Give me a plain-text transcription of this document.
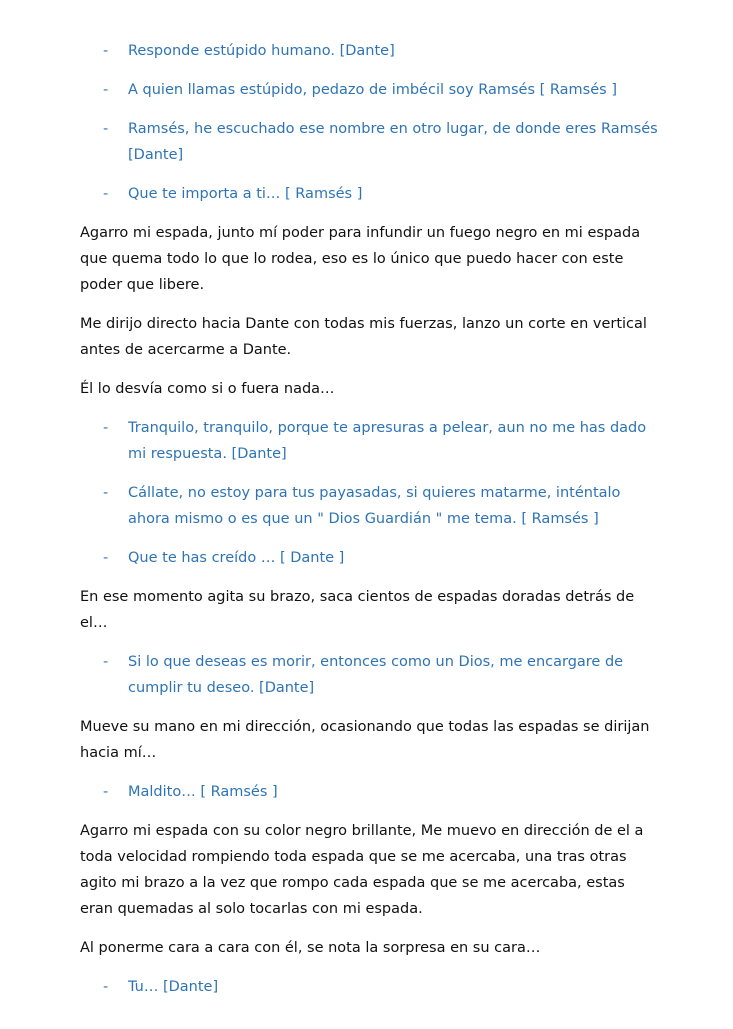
- Responde estúpido humano. [Dante]

- A quien llamas estúpido, pedazo de imbécil soy Ramsés [ Ramsés ]

- Ramsés, he escuchado ese nombre en otro lugar, de donde eres Ramsés [Dante]

- Que te importa a ti… [ Ramsés ]

Agarro mi espada, junto mí poder para infundir un fuego negro en mi espada que quema todo lo que lo rodea, eso es lo único que puedo hacer con este poder que libere.

Me dirijo directo hacia Dante con todas mis fuerzas, lanzo un corte en vertical antes de acercarme a Dante.

Él lo desvía como si o fuera nada…

- Tranquilo, tranquilo, porque te apresuras a pelear, aun no me has dado mi respuesta. [Dante]

- Cállate, no estoy para tus payasadas, si quieres matarme, inténtalo ahora mismo o es que un " Dios Guardián " me tema. [ Ramsés ]

- Que te has creído … [ Dante ]

En ese momento agita su brazo, saca cientos de espadas doradas detrás de el…

- Si lo que deseas es morir, entonces como un Dios, me encargare de cumplir tu deseo. [Dante]

Mueve su mano en mi dirección, ocasionando que todas las espadas se dirijan hacia mí…

- Maldito… [ Ramsés ]

Agarro mi espada con su color negro brillante, Me muevo en dirección de el a toda velocidad rompiendo toda espada que se me acercaba, una tras otras agito mi brazo a la vez que rompo cada espada que se me acercaba, estas eran quemadas al solo tocarlas con mi espada.

Al ponerme cara a cara con él, se nota la sorpresa en su cara…

- Tu… [Dante]
